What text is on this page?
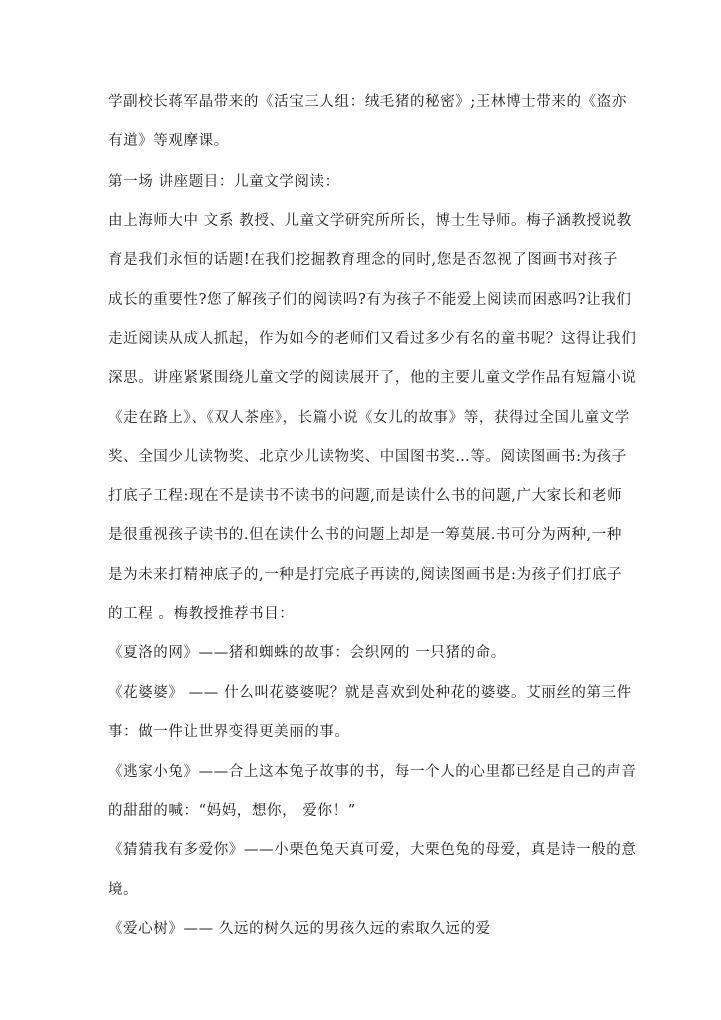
学副校长蒋军晶带来的《活宝三人组：绒毛猪的秘密》;王林博士带来的《盗亦
有道》等观摩课。
第一场 讲座题目：儿童文学阅读：
由上海师大中 文系 教授、儿童文学研究所所长，博士生导师。梅子涵教授说教
育是我们永恒的话题!在我们挖掘教育理念的同时,您是否忽视了图画书对孩子
成长的重要性?您了解孩子们的阅读吗?有为孩子不能爱上阅读而困惑吗?让我们
走近阅读从成人抓起，作为如今的老师们又看过多少有名的童书呢？这得让我们
深思。讲座紧紧围绕儿童文学的阅读展开了，他的主要儿童文学作品有短篇小说
《走在路上》、《双人茶座》，长篇小说《女儿的故事》等，获得过全国儿童文学
奖、全国少儿读物奖、北京少儿读物奖、中国图书奖…等。阅读图画书:为孩子
打底子工程:现在不是读书不读书的问题,而是读什么书的问题,广大家长和老师
是很重视孩子读书的.但在读什么书的问题上却是一筹莫展.书可分为两种,一种
是为未来打精神底子的,一种是打完底子再读的,阅读图画书是:为孩子们打底子
的工程 。梅教授推荐书目：
《夏洛的网》——猪和蜘蛛的故事：会织网的 一只猪的命。
《花婆婆》 —— 什么叫花婆婆呢？就是喜欢到处种花的婆婆。艾丽丝的第三件
事：做一件让世界变得更美丽的事。
《逃家小兔》——合上这本兔子故事的书，每一个人的心里都已经是自己的声音
的甜甜的喊：“妈妈，想你， 爱你！”
《猜猜我有多爱你》——小栗色兔天真可爱，大栗色兔的母爱，真是诗一般的意
境。
《爱心树》—— 久远的树久远的男孩久远的索取久远的爱
